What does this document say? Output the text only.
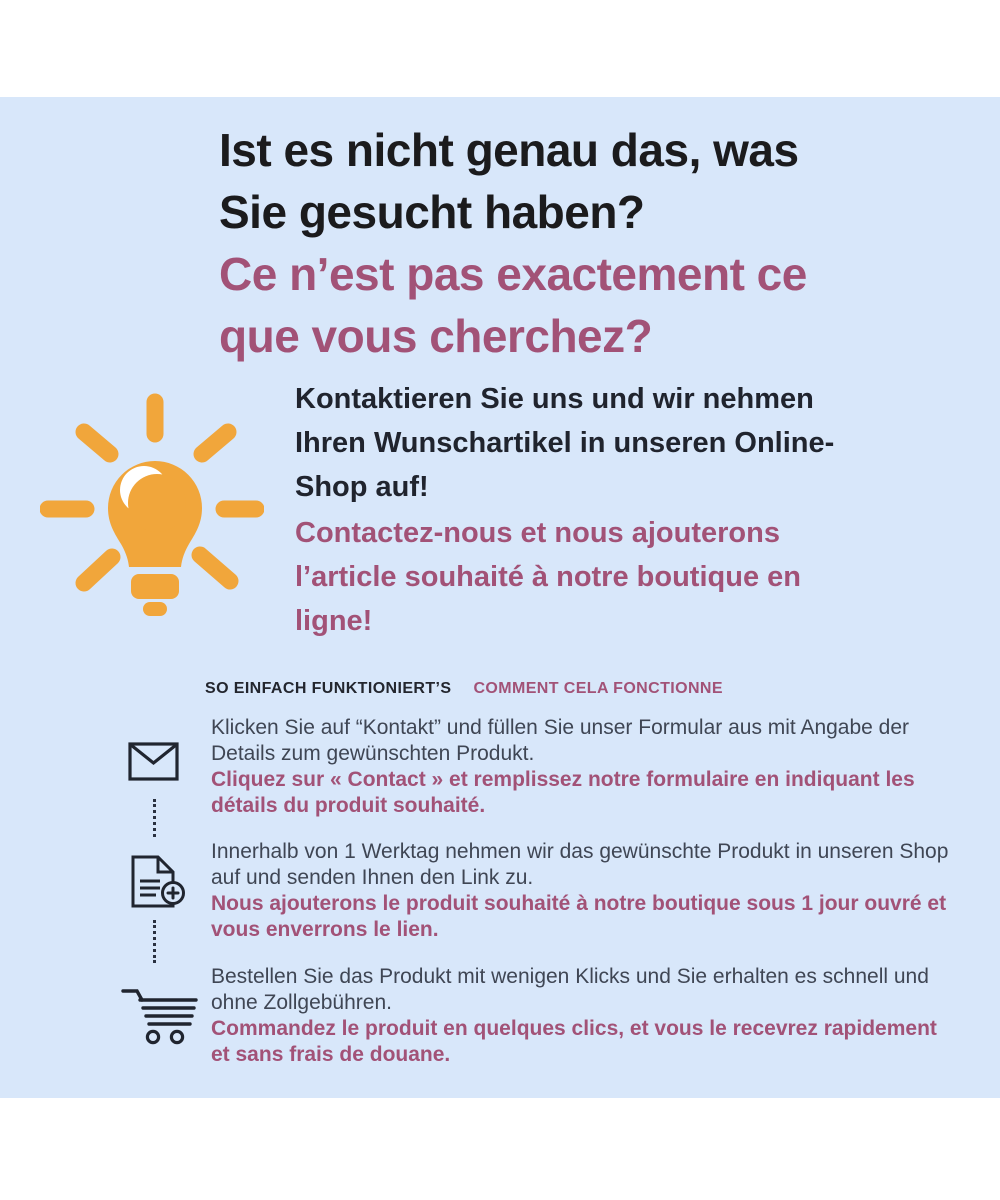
Ist es nicht genau das, was
Sie gesucht haben?
Ce n’est pas exactement ce
que vous cherchez?
Kontaktieren Sie uns und wir nehmen Ihren Wunschartikel in unseren Online-Shop auf!
Contactez-nous et nous ajouterons l’article souhaité à notre boutique en ligne!
SO EINFACH FUNKTIONIERT’S COMMENT CELA FONCTIONNE

Klicken Sie auf “Kontakt” und füllen Sie unser Formular aus mit Angabe der Details zum gewünschten Produkt.

Cliquez sur « Contact » et remplissez notre formulaire en indiquant les détails du produit souhaité.

Innerhalb von 1 Werktag nehmen wir das gewünschte Produkt in unseren Shop auf und senden Ihnen den Link zu.

Nous ajouterons le produit souhaité à notre boutique sous 1 jour ouvré et vous enverrons le lien.

Bestellen Sie das Produkt mit wenigen Klicks und Sie erhalten es schnell und ohne Zollgebühren.

Commandez le produit en quelques clics, et vous le recevrez rapidement et sans frais de douane.
